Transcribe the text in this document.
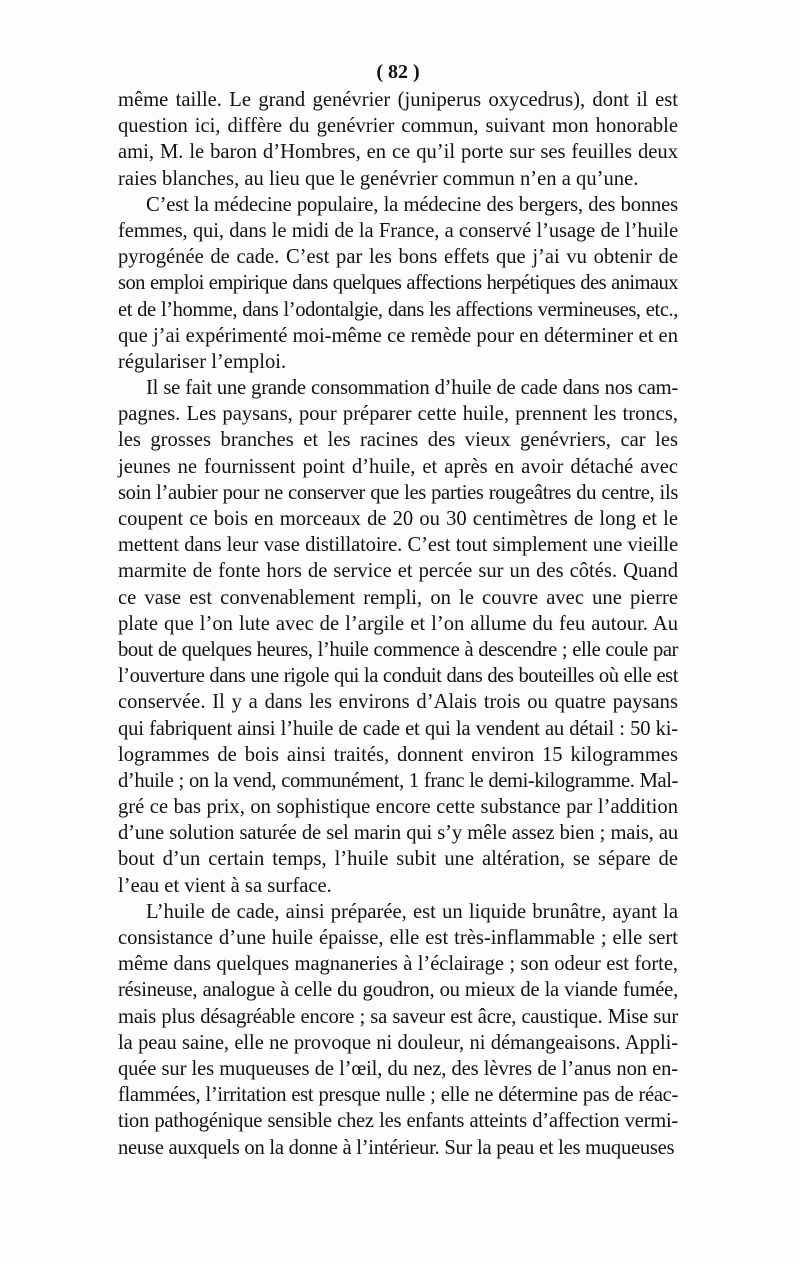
( 82 )
même taille. Le grand genévrier (juniperus oxycedrus), dont il est
question ici, diffère du genévrier commun, suivant mon honorable
ami, M. le baron d’Hombres, en ce qu’il porte sur ses feuilles deux
raies blanches, au lieu que le genévrier commun n’en a qu’une.
C’est la médecine populaire, la médecine des bergers, des bonnes
femmes, qui, dans le midi de la France, a conservé l’usage de l’huile
pyrogénée de cade. C’est par les bons effets que j’ai vu obtenir de
son emploi empirique dans quelques affections herpétiques des animaux
et de l’homme, dans l’odontalgie, dans les affections vermineuses, etc.,
que j’ai expérimenté moi-même ce remède pour en déterminer et en
régulariser l’emploi.
Il se fait une grande consommation d’huile de cade dans nos cam-
pagnes. Les paysans, pour préparer cette huile, prennent les troncs,
les grosses branches et les racines des vieux genévriers, car les
jeunes ne fournissent point d’huile, et après en avoir détaché avec
soin l’aubier pour ne conserver que les parties rougeâtres du centre, ils
coupent ce bois en morceaux de 20 ou 30 centimètres de long et le
mettent dans leur vase distillatoire. C’est tout simplement une vieille
marmite de fonte hors de service et percée sur un des côtés. Quand
ce vase est convenablement rempli, on le couvre avec une pierre
plate que l’on lute avec de l’argile et l’on allume du feu autour. Au
bout de quelques heures, l’huile commence à descendre ; elle coule par
l’ouverture dans une rigole qui la conduit dans des bouteilles où elle est
conservée. Il y a dans les environs d’Alais trois ou quatre paysans
qui fabriquent ainsi l’huile de cade et qui la vendent au détail : 50 ki-
logrammes de bois ainsi traités, donnent environ 15 kilogrammes
d’huile ; on la vend, communément, 1 franc le demi-kilogramme. Mal-
gré ce bas prix, on sophistique encore cette substance par l’addition
d’une solution saturée de sel marin qui s’y mêle assez bien ; mais, au
bout d’un certain temps, l’huile subit une altération, se sépare de
l’eau et vient à sa surface.
L’huile de cade, ainsi préparée, est un liquide brunâtre, ayant la
consistance d’une huile épaisse, elle est très-inflammable ; elle sert
même dans quelques magnaneries à l’éclairage ; son odeur est forte,
résineuse, analogue à celle du goudron, ou mieux de la viande fumée,
mais plus désagréable encore ; sa saveur est âcre, caustique. Mise sur
la peau saine, elle ne provoque ni douleur, ni démangeaisons. Appli-
quée sur les muqueuses de l’œil, du nez, des lèvres de l’anus non en-
flammées, l’irritation est presque nulle ; elle ne détermine pas de réac-
tion pathogénique sensible chez les enfants atteints d’affection vermi-
neuse auxquels on la donne à l’intérieur. Sur la peau et les muqueuses
